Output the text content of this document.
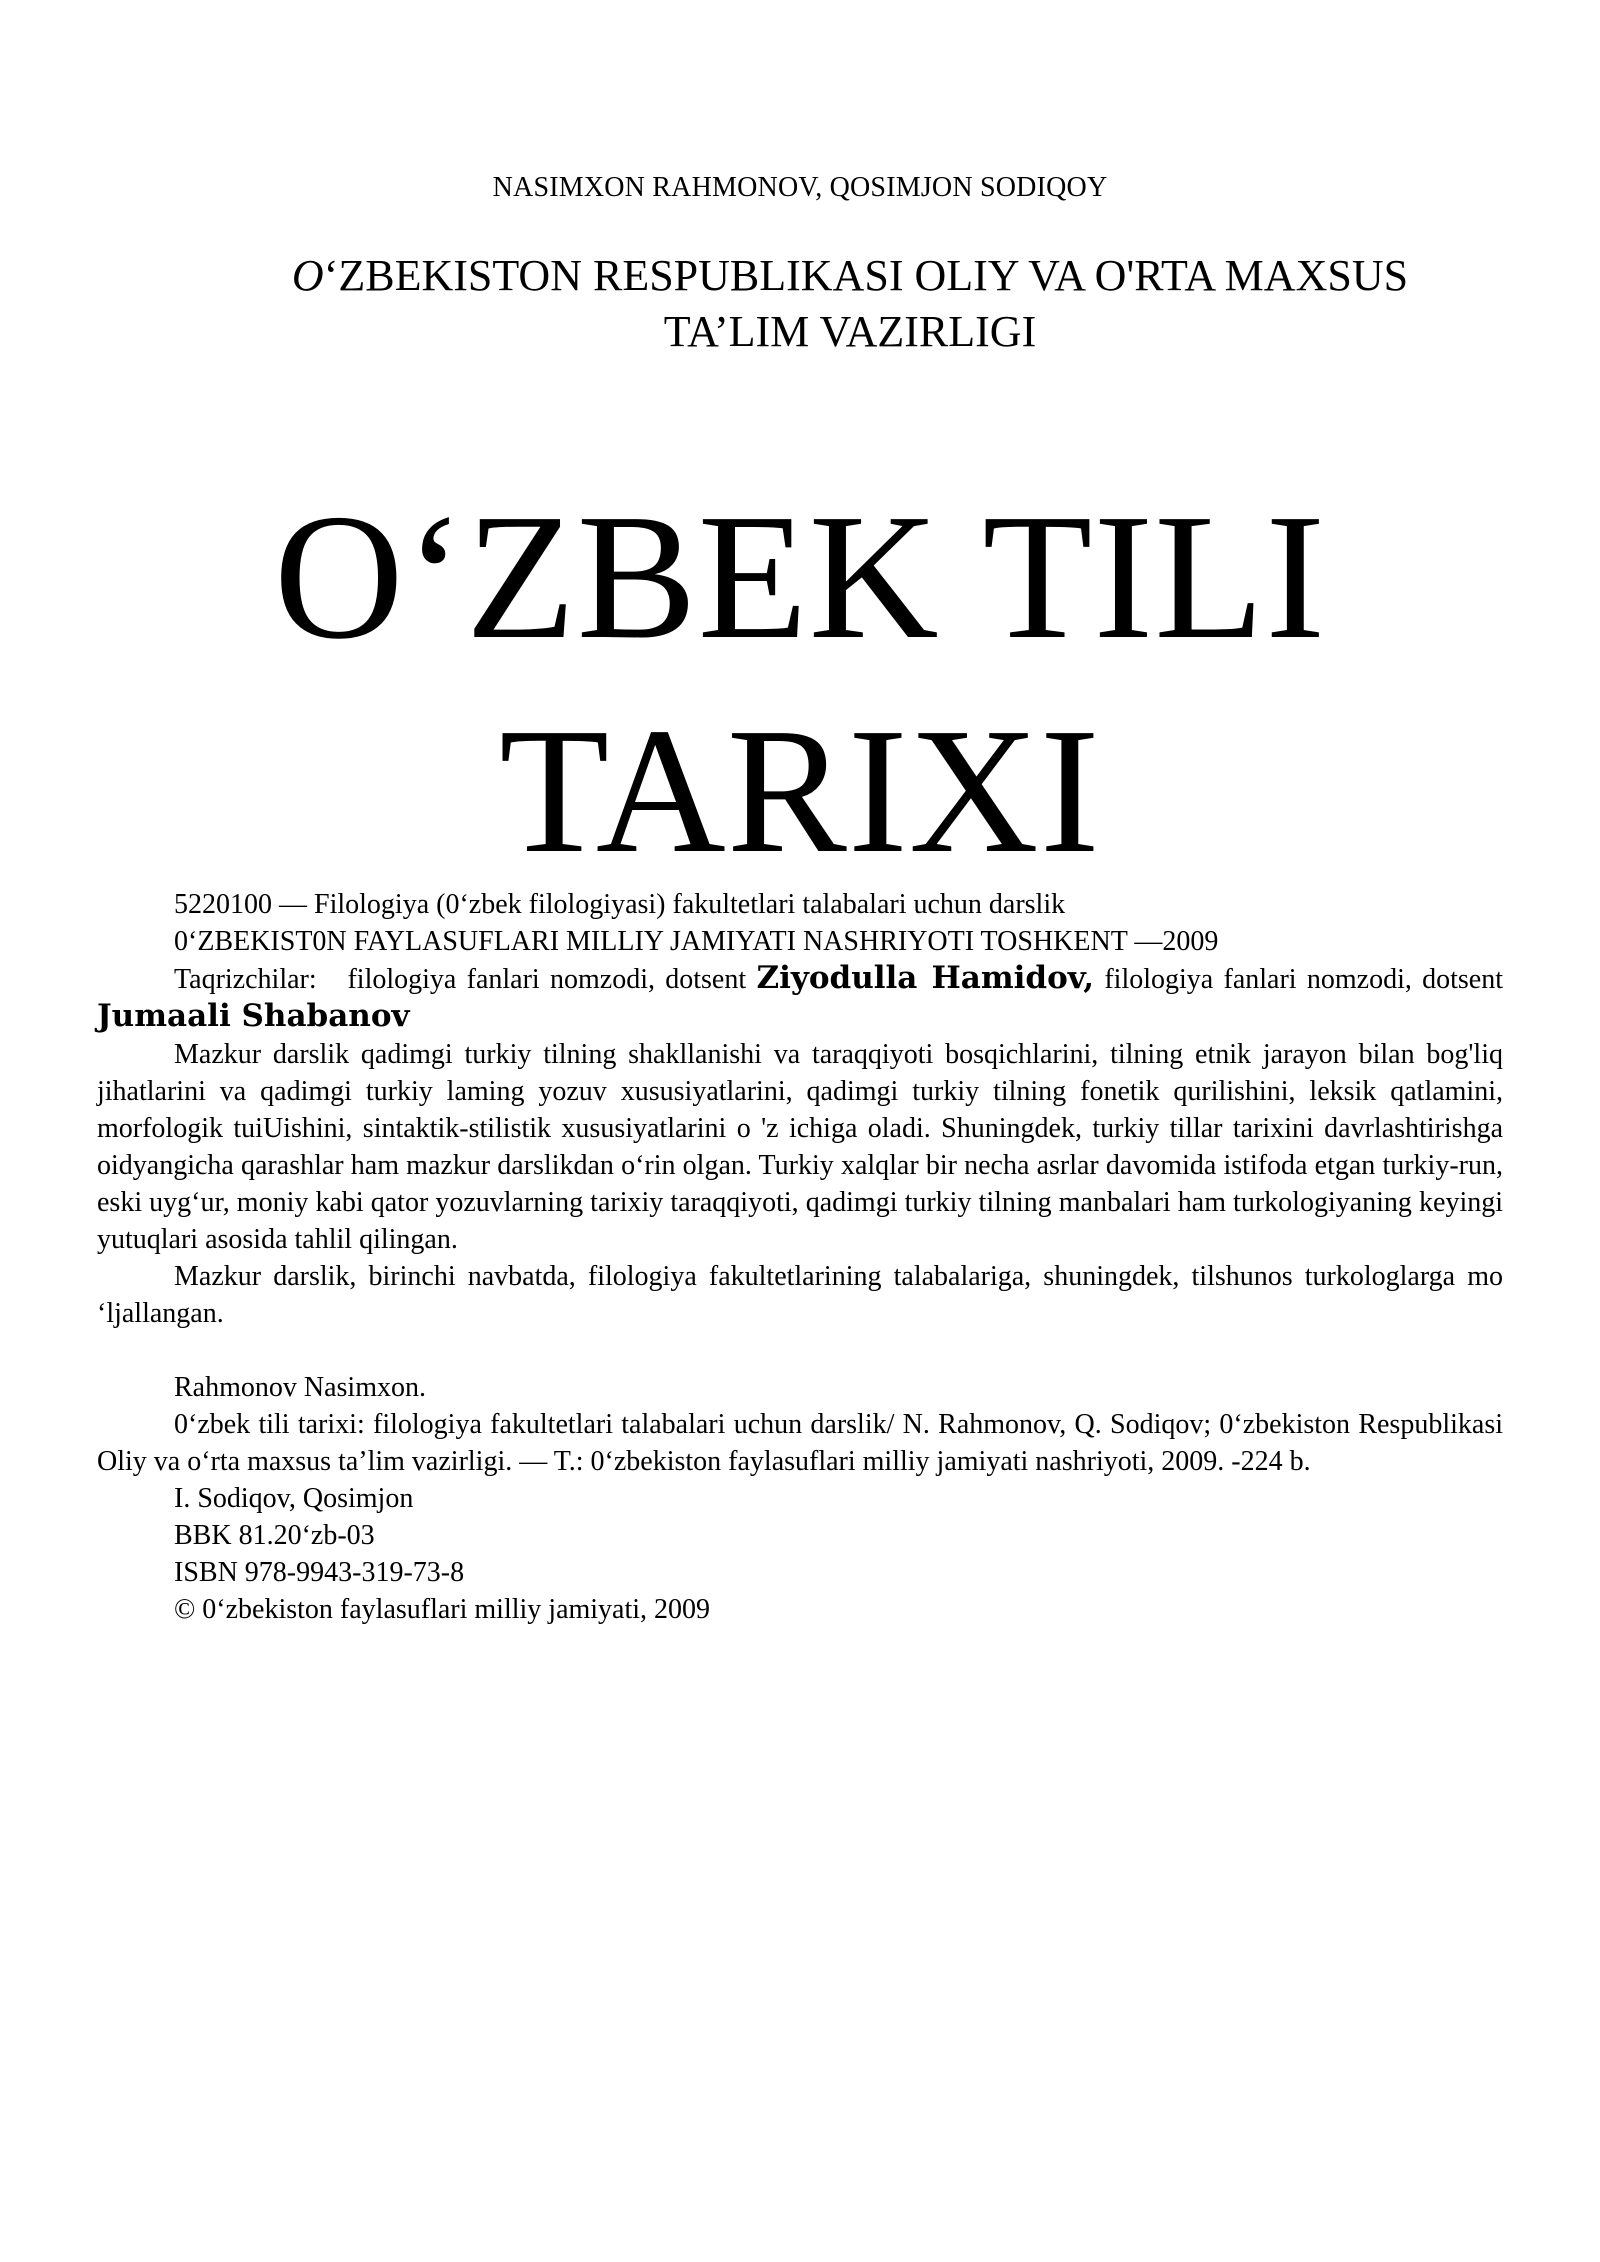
NASIMXON RAHMONOV, QOSIMJON SODIQOY
O‘ZBEKISTON RESPUBLIKASI OLIY VA O'RTA MAXSUS
TA’LIM VAZIRLIGI
O‘ZBEK TILI
TARIXI

5220100 — Filologiya (0‘zbek filologiyasi) fakultetlari talabalari uchun darslik

0‘ZBEKIST0N FAYLASUFLARI MILLIY JAMIYATI NASHRIYOTI TOSHKENT —2009

Taqrizchilar: filologiya fanlari nomzodi, dotsent Ziyodulla Hamidov, filologiya fanlari nomzodi, dotsent Jumaali Shabanov

Mazkur darslik qadimgi turkiy tilning shakllanishi va taraqqiyoti bosqichlarini, tilning etnik jarayon bilan bog'liq jihatlarini va qadimgi turkiy laming yozuv xususiyatlarini, qadimgi turkiy tilning fonetik qurilishini, leksik qatlamini, morfologik tuiUishini, sintaktik-stilistik xususiyatlarini o 'z ichiga oladi. Shuningdek, turkiy tillar tarixini davrlashtirishga oidyangicha qarashlar ham mazkur darslikdan o‘rin olgan. Turkiy xalqlar bir necha asrlar davomida istifoda etgan turkiy-run, eski uyg‘ur, moniy kabi qator yozuvlarning tarixiy taraqqiyoti, qadimgi turkiy tilning manbalari ham turkologiyaning keyingi yutuqlari asosida tahlil qilingan.

Mazkur darslik, birinchi navbatda, filologiya fakultetlarining talabalariga, shuningdek, tilshunos turkologlarga mo ‘ljallangan.

Rahmonov Nasimxon.

0‘zbek tili tarixi: filologiya fakultetlari talabalari uchun darslik/ N. Rahmonov, Q. Sodiqov; 0‘zbekiston Respublikasi Oliy va o‘rta maxsus ta’lim vazirligi. — T.: 0‘zbekiston faylasuflari milliy jamiyati nashriyoti, 2009. -224 b.

I. Sodiqov, Qosimjon

BBK 81.20‘zb-03

ISBN 978-9943-319-73-8

© 0‘zbekiston faylasuflari milliy jamiyati, 2009
